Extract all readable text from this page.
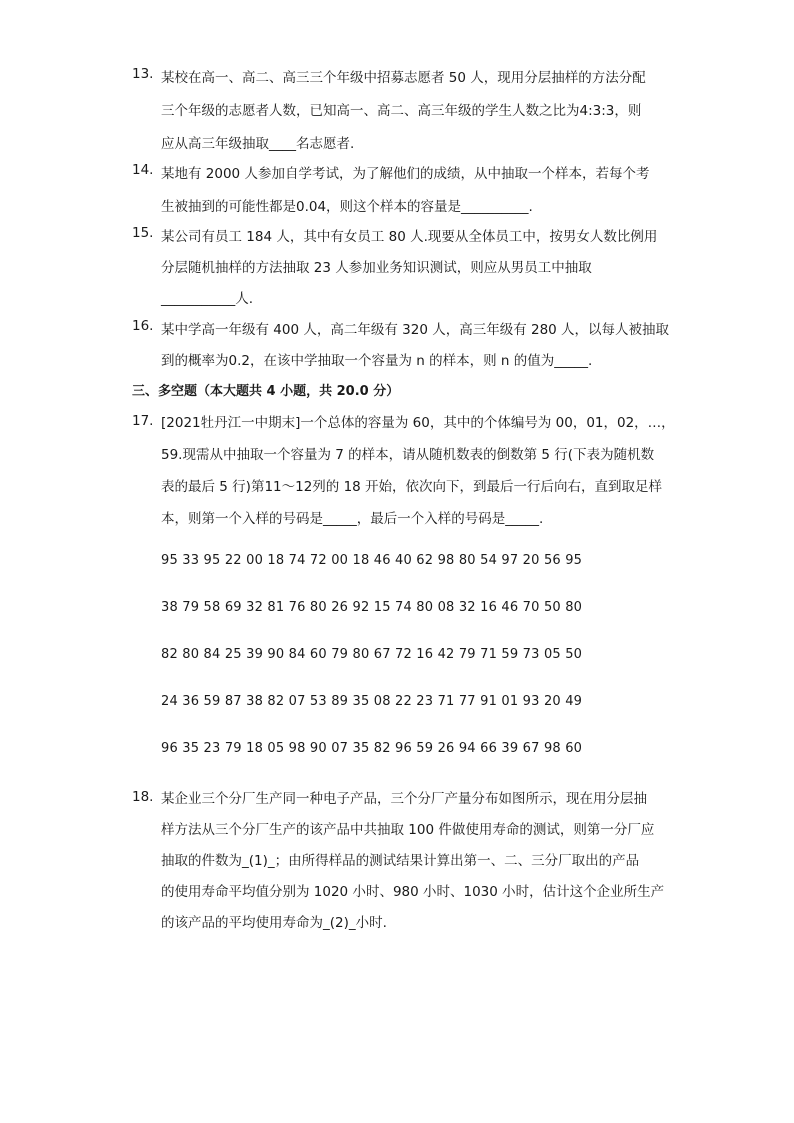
13. 某校在高一、高二、高三三个年级中招募志愿者 50 人，现用分层抽样的方法分配
三个年级的志愿者人数，已知高一、高二、高三年级的学生人数之比为4:3:3，则
应从高三年级抽取____名志愿者.
14. 某地有 2000 人参加自学考试，为了解他们的成绩，从中抽取一个样本，若每个考
生被抽到的可能性都是0.04，则这个样本的容量是__________.
15. 某公司有员工 184 人，其中有女员工 80 人.现要从全体员工中，按男女人数比例用
分层随机抽样的方法抽取 23 人参加业务知识测试，则应从男员工中抽取
___________人.
16. 某中学高一年级有 400 人，高二年级有 320 人，高三年级有 280 人，以每人被抽取
到的概率为0.2，在该中学抽取一个容量为 n 的样本，则 n 的值为_____.
三、多空题（本大题共 4 小题，共 20.0 分）
17. [2021牡丹江一中期末]一个总体的容量为 60，其中的个体编号为 00，01，02，…，
59.现需从中抽取一个容量为 7 的样本，请从随机数表的倒数第 5 行(下表为随机数
表的最后 5 行)第11～12列的 18 开始，依次向下，到最后一行后向右，直到取足样
本，则第一个入样的号码是_____，最后一个入样的号码是_____.
95 33 95 22 00 18 74 72 00 18 46 40 62 98 80 54 97 20 56 95
38 79 58 69 32 81 76 80 26 92 15 74 80 08 32 16 46 70 50 80
82 80 84 25 39 90 84 60 79 80 67 72 16 42 79 71 59 73 05 50
24 36 59 87 38 82 07 53 89 35 08 22 23 71 77 91 01 93 20 49
96 35 23 79 18 05 98 90 07 35 82 96 59 26 94 66 39 67 98 60
18. 某企业三个分厂生产同一种电子产品，三个分厂产量分布如图所示，现在用分层抽
样方法从三个分厂生产的该产品中共抽取 100 件做使用寿命的测试，则第一分厂应
抽取的件数为_(1)_；由所得样品的测试结果计算出第一、二、三分厂取出的产品
的使用寿命平均值分别为 1020 小时、980 小时、1030 小时，估计这个企业所生产
的该产品的平均使用寿命为_(2)_小时.
